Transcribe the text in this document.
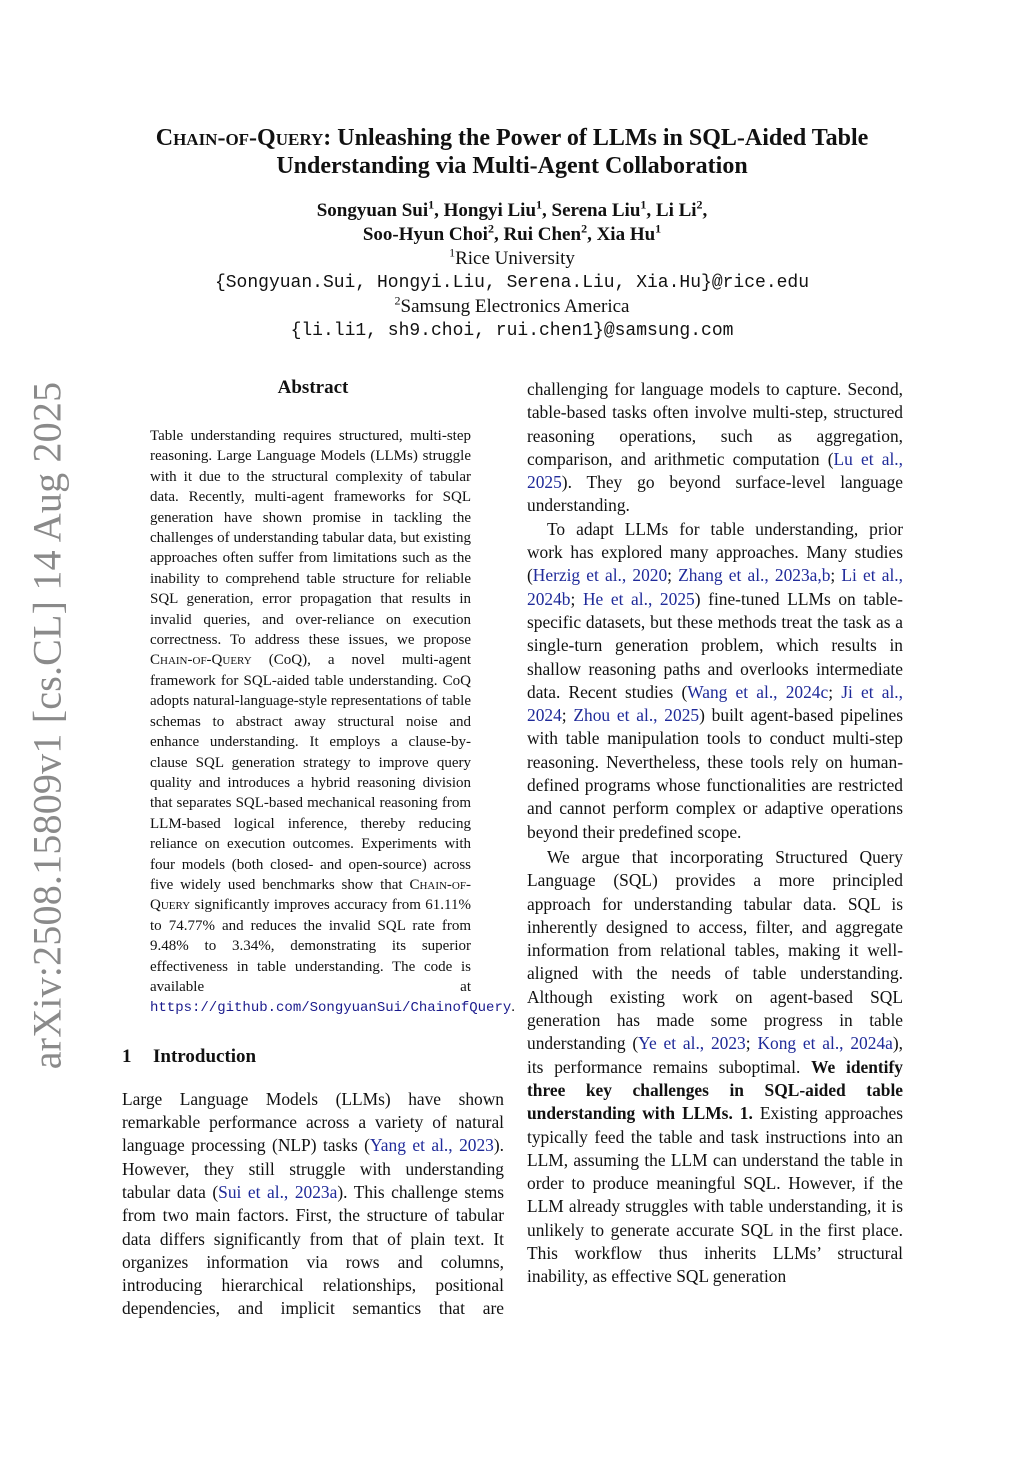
arXiv:2508.15809v1 [cs.CL] 14 Aug 2025
Chain-of-Query: Unleashing the Power of LLMs in SQL-Aided Table
Understanding via Multi-Agent Collaboration
Songyuan Sui$^1$, Hongyi Liu$^1$, Serena Liu$^1$, Li Li$^2$,
Soo-Hyun Choi$^2$, Rui Chen$^2$, Xia Hu$^1$
$^1$Rice University
{Songyuan.Sui, Hongyi.Liu, Serena.Liu, Xia.Hu}@rice.edu
$^2$Samsung Electronics America
{li.li1, sh9.choi, rui.chen1}@samsung.com
Abstract

Table understanding requires structured, multi-step reasoning. Large Language Models (LLMs) struggle with it due to the structural complexity of tabular data. Recently, multi-agent frameworks for SQL generation have shown promise in tackling the challenges of understanding tabular data, but existing approaches often suffer from limitations such as the inability to comprehend table structure for reliable SQL generation, error propagation that results in invalid queries, and over-reliance on execution correctness. To address these issues, we propose Chain-of-Query (CoQ), a novel multi-agent framework for SQL-aided table understanding. CoQ adopts natural-language-style representations of table schemas to abstract away structural noise and enhance understanding. It employs a clause-by-clause SQL generation strategy to improve query quality and introduces a hybrid reasoning division that separates SQL-based mechanical reasoning from LLM-based logical inference, thereby reducing reliance on execution outcomes. Experiments with four models (both closed- and open-source) across five widely used benchmarks show that Chain-of-Query significantly improves accuracy from 61.11% to 74.77% and reduces the invalid SQL rate from 9.48% to 3.34%, demonstrating its superior effectiveness in table understanding. The code is available at https://github.com/SongyuanSui/ChainofQuery.

1 Introduction

Large Language Models (LLMs) have shown remarkable performance across a variety of natural language processing (NLP) tasks (Yang et al., 2023). However, they still struggle with understanding tabular data (Sui et al., 2023a). This challenge stems from two main factors. First, the structure of tabular data differs significantly from that of plain text. It organizes information via rows and columns, introducing hierarchical relationships, positional dependencies, and implicit semantics that are

challenging for language models to capture. Second, table-based tasks often involve multi-step, structured reasoning operations, such as aggregation, comparison, and arithmetic computation (Lu et al., 2025). They go beyond surface-level language understanding.

To adapt LLMs for table understanding, prior work has explored many approaches. Many studies (Herzig et al., 2020; Zhang et al., 2023a,b; Li et al., 2024b; He et al., 2025) fine-tuned LLMs on table-specific datasets, but these methods treat the task as a single-turn generation problem, which results in shallow reasoning paths and overlooks intermediate data. Recent studies (Wang et al., 2024c; Ji et al., 2024; Zhou et al., 2025) built agent-based pipelines with table manipulation tools to conduct multi-step reasoning. Nevertheless, these tools rely on human-defined programs whose functionalities are restricted and cannot perform complex or adaptive operations beyond their predefined scope.

We argue that incorporating Structured Query Language (SQL) provides a more principled approach for understanding tabular data. SQL is inherently designed to access, filter, and aggregate information from relational tables, making it well-aligned with the needs of table understanding. Although existing work on agent-based SQL generation has made some progress in table understanding (Ye et al., 2023; Kong et al., 2024a), its performance remains suboptimal. We identify three key challenges in SQL-aided table understanding with LLMs. 1. Existing approaches typically feed the table and task instructions into an LLM, assuming the LLM can understand the table in order to produce meaningful SQL. However, if the LLM already struggles with table understanding, it is unlikely to generate accurate SQL in the first place. This workflow thus inherits LLMs’ structural inability, as effective SQL generation
